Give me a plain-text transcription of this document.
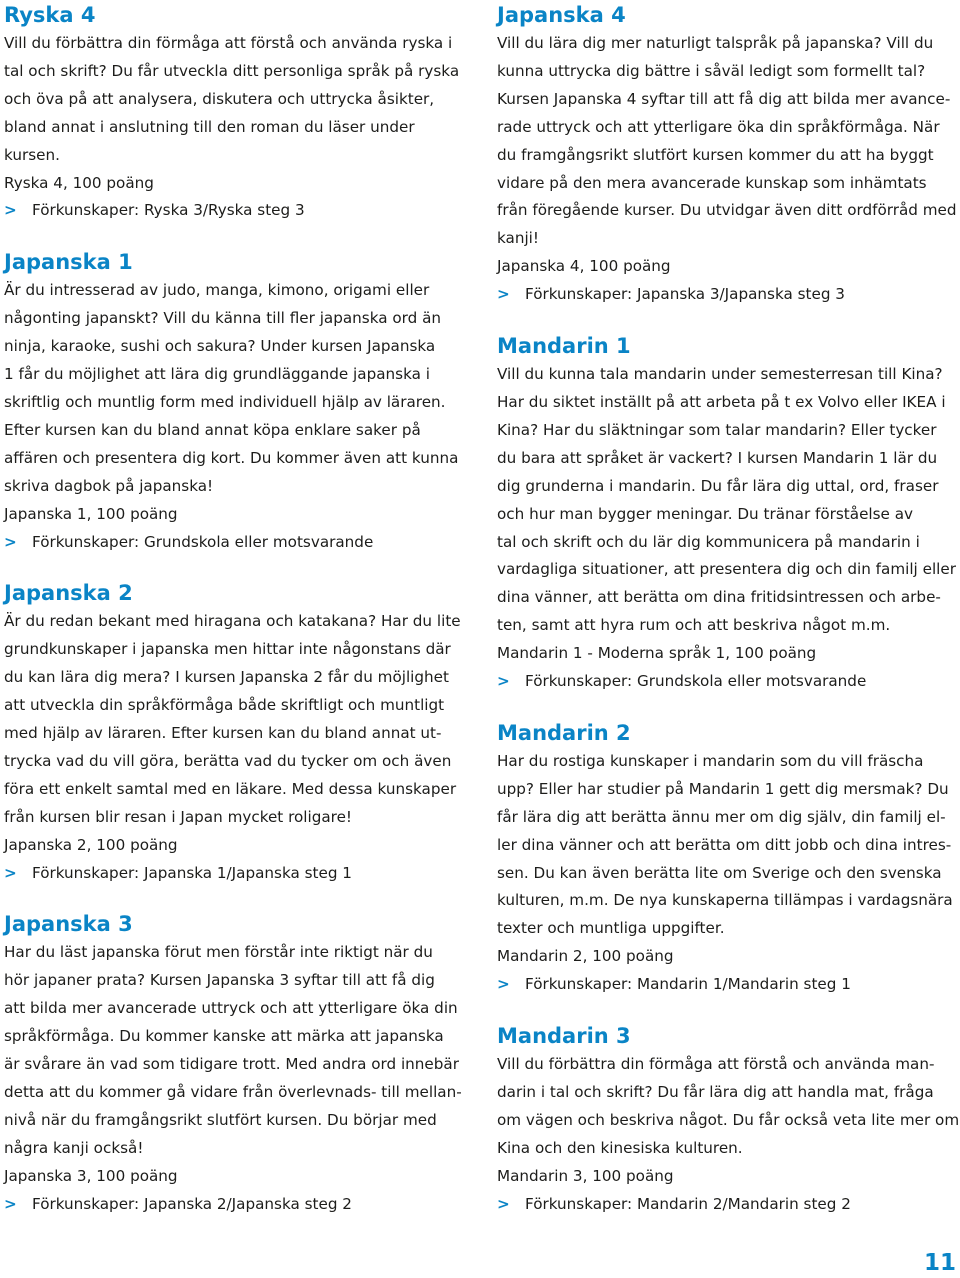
Ryska 4

Vill du förbättra din förmåga att förstå och använda ryska i
tal och skrift? Du får utveckla ditt personliga språk på ryska
och öva på att analysera, diskutera och uttrycka åsikter,
bland annat i anslutning till den roman du läser under
kursen.

Ryska 4, 100 poäng

> Förkunskaper: Ryska 3/Ryska steg 3

Japanska 1

Är du intresserad av judo, manga, kimono, origami eller
någonting japanskt? Vill du känna till fler japanska ord än
ninja, karaoke, sushi och sakura? Under kursen Japanska
1 får du möjlighet att lära dig grundläggande japanska i
skriftlig och muntlig form med individuell hjälp av läraren.
Efter kursen kan du bland annat köpa enklare saker på
affären och presentera dig kort. Du kommer även att kunna
skriva dagbok på japanska!

Japanska 1, 100 poäng

> Förkunskaper: Grundskola eller motsvarande

Japanska 2

Är du redan bekant med hiragana och katakana? Har du lite
grundkunskaper i japanska men hittar inte någonstans där
du kan lära dig mera? I kursen Japanska 2 får du möjlighet
att utveckla din språkförmåga både skriftligt och muntligt
med hjälp av läraren. Efter kursen kan du bland annat ut-
trycka vad du vill göra, berätta vad du tycker om och även
föra ett enkelt samtal med en läkare. Med dessa kunskaper
från kursen blir resan i Japan mycket roligare!

Japanska 2, 100 poäng

> Förkunskaper: Japanska 1/Japanska steg 1

Japanska 3

Har du läst japanska förut men förstår inte riktigt när du
hör japaner prata? Kursen Japanska 3 syftar till att få dig
att bilda mer avancerade uttryck och att ytterligare öka din
språkförmåga. Du kommer kanske att märka att japanska
är svårare än vad som tidigare trott. Med andra ord innebär
detta att du kommer gå vidare från överlevnads- till mellan-
nivå när du framgångsrikt slutfört kursen. Du börjar med
några kanji också!

Japanska 3, 100 poäng

> Förkunskaper: Japanska 2/Japanska steg 2

Japanska 4

Vill du lära dig mer naturligt talspråk på japanska? Vill du
kunna uttrycka dig bättre i såväl ledigt som formellt tal?
Kursen Japanska 4 syftar till att få dig att bilda mer avance-
rade uttryck och att ytterligare öka din språkförmåga. När
du framgångsrikt slutfört kursen kommer du att ha byggt
vidare på den mera avancerade kunskap som inhämtats
från föregående kurser. Du utvidgar även ditt ordförråd med
kanji!

Japanska 4, 100 poäng

> Förkunskaper: Japanska 3/Japanska steg 3

Mandarin 1

Vill du kunna tala mandarin under semesterresan till Kina?
Har du siktet inställt på att arbeta på t ex Volvo eller IKEA i
Kina? Har du släktningar som talar mandarin? Eller tycker
du bara att språket är vackert? I kursen Mandarin 1 lär du
dig grunderna i mandarin. Du får lära dig uttal, ord, fraser
och hur man bygger meningar. Du tränar förståelse av
tal och skrift och du lär dig kommunicera på mandarin i
vardagliga situationer, att presentera dig och din familj eller
dina vänner, att berätta om dina fritidsintressen och arbe-
ten, samt att hyra rum och att beskriva något m.m.

Mandarin 1 - Moderna språk 1, 100 poäng

> Förkunskaper: Grundskola eller motsvarande

Mandarin 2

Har du rostiga kunskaper i mandarin som du vill fräscha
upp? Eller har studier på Mandarin 1 gett dig mersmak? Du
får lära dig att berätta ännu mer om dig själv, din familj el-
ler dina vänner och att berätta om ditt jobb och dina intres-
sen. Du kan även berätta lite om Sverige och den svenska
kulturen, m.m. De nya kunskaperna tillämpas i vardagsnära
texter och muntliga uppgifter.

Mandarin 2, 100 poäng

> Förkunskaper: Mandarin 1/Mandarin steg 1

Mandarin 3

Vill du förbättra din förmåga att förstå och använda man-
darin i tal och skrift? Du får lära dig att handla mat, fråga
om vägen och beskriva något. Du får också veta lite mer om
Kina och den kinesiska kulturen.

Mandarin 3, 100 poäng

> Förkunskaper: Mandarin 2/Mandarin steg 2

11
